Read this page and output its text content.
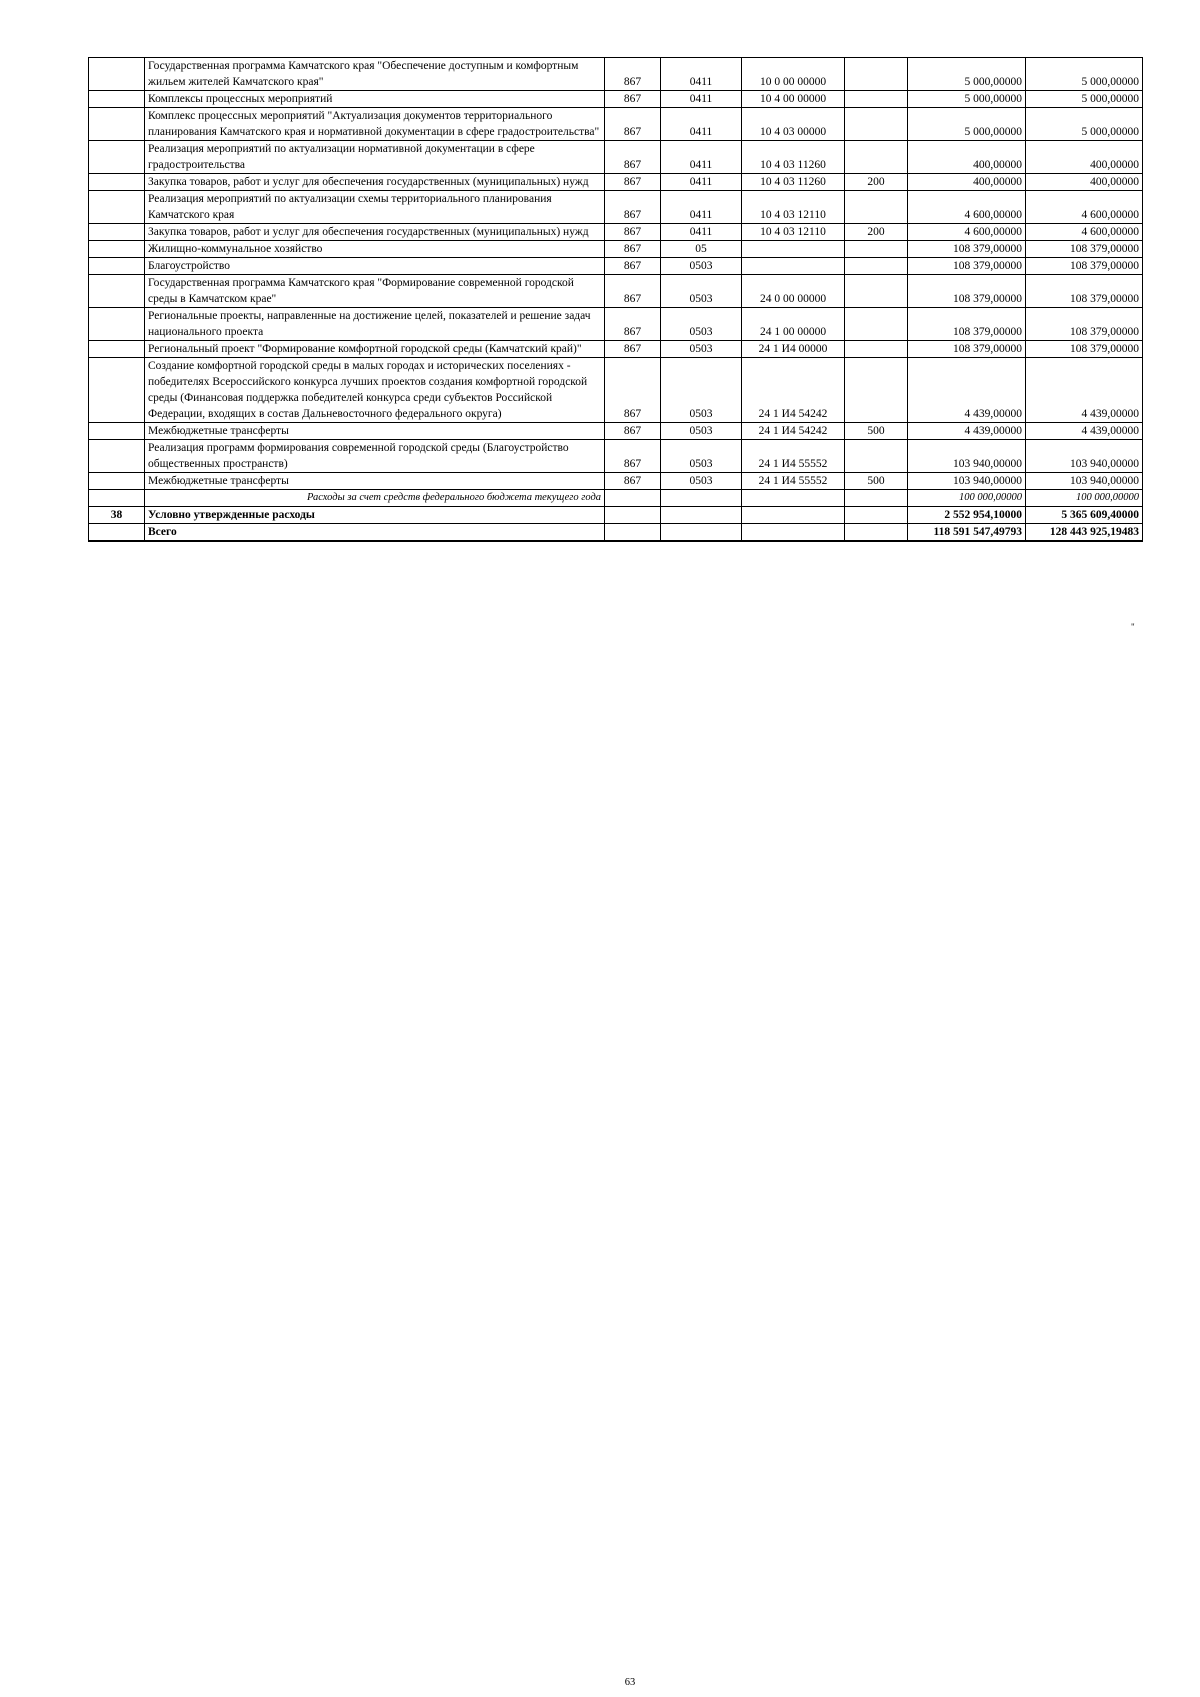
	Государственная программа Камчатского края "Обеспечение доступным и комфортным жильем жителей Камчатского края"	867	0411	10 0 00 00000		5 000,00000	5 000,00000
	Комплексы процессных мероприятий	867	0411	10 4 00 00000		5 000,00000	5 000,00000
	Комплекс процессных мероприятий "Актуализация документов территориального планирования Камчатского края и нормативной документации в сфере градостроительства"	867	0411	10 4 03 00000		5 000,00000	5 000,00000
	Реализация мероприятий по актуализации нормативной документации в сфере градостроительства	867	0411	10 4 03 11260		400,00000	400,00000
	Закупка товаров, работ и услуг для обеспечения государственных (муниципальных) нужд	867	0411	10 4 03 11260	200	400,00000	400,00000
	Реализация мероприятий по актуализации схемы территориального планирования Камчатского края	867	0411	10 4 03 12110		4 600,00000	4 600,00000
	Закупка товаров, работ и услуг для обеспечения государственных (муниципальных) нужд	867	0411	10 4 03 12110	200	4 600,00000	4 600,00000
	Жилищно-коммунальное хозяйство	867	05			108 379,00000	108 379,00000
	Благоустройство	867	0503			108 379,00000	108 379,00000
	Государственная программа Камчатского края "Формирование современной городской среды в Камчатском крае"	867	0503	24 0 00 00000		108 379,00000	108 379,00000
	Региональные проекты, направленные на достижение целей, показателей и решение задач национального проекта	867	0503	24 1 00 00000		108 379,00000	108 379,00000
	Региональный проект "Формирование комфортной городской среды (Камчатский край)"	867	0503	24 1 И4 00000		108 379,00000	108 379,00000
	Создание комфортной городской среды в малых городах и исторических поселениях - победителях Всероссийского конкурса лучших проектов создания комфортной городской среды (Финансовая поддержка победителей конкурса среди субъектов Российской Федерации, входящих в состав Дальневосточного федерального округа)	867	0503	24 1 И4 54242		4 439,00000	4 439,00000
	Межбюджетные трансферты	867	0503	24 1 И4 54242	500	4 439,00000	4 439,00000
	Реализация программ формирования современной городской среды (Благоустройство общественных пространств)	867	0503	24 1 И4 55552		103 940,00000	103 940,00000
	Межбюджетные трансферты	867	0503	24 1 И4 55552	500	103 940,00000	103 940,00000
	Расходы за счет средств федерального бюджета текущего года					100 000,00000	100 000,00000
38	Условно утвержденные расходы					2 552 954,10000	5 365 609,40000
	Всего					118 591 547,49793	128 443 925,19483
"
63
